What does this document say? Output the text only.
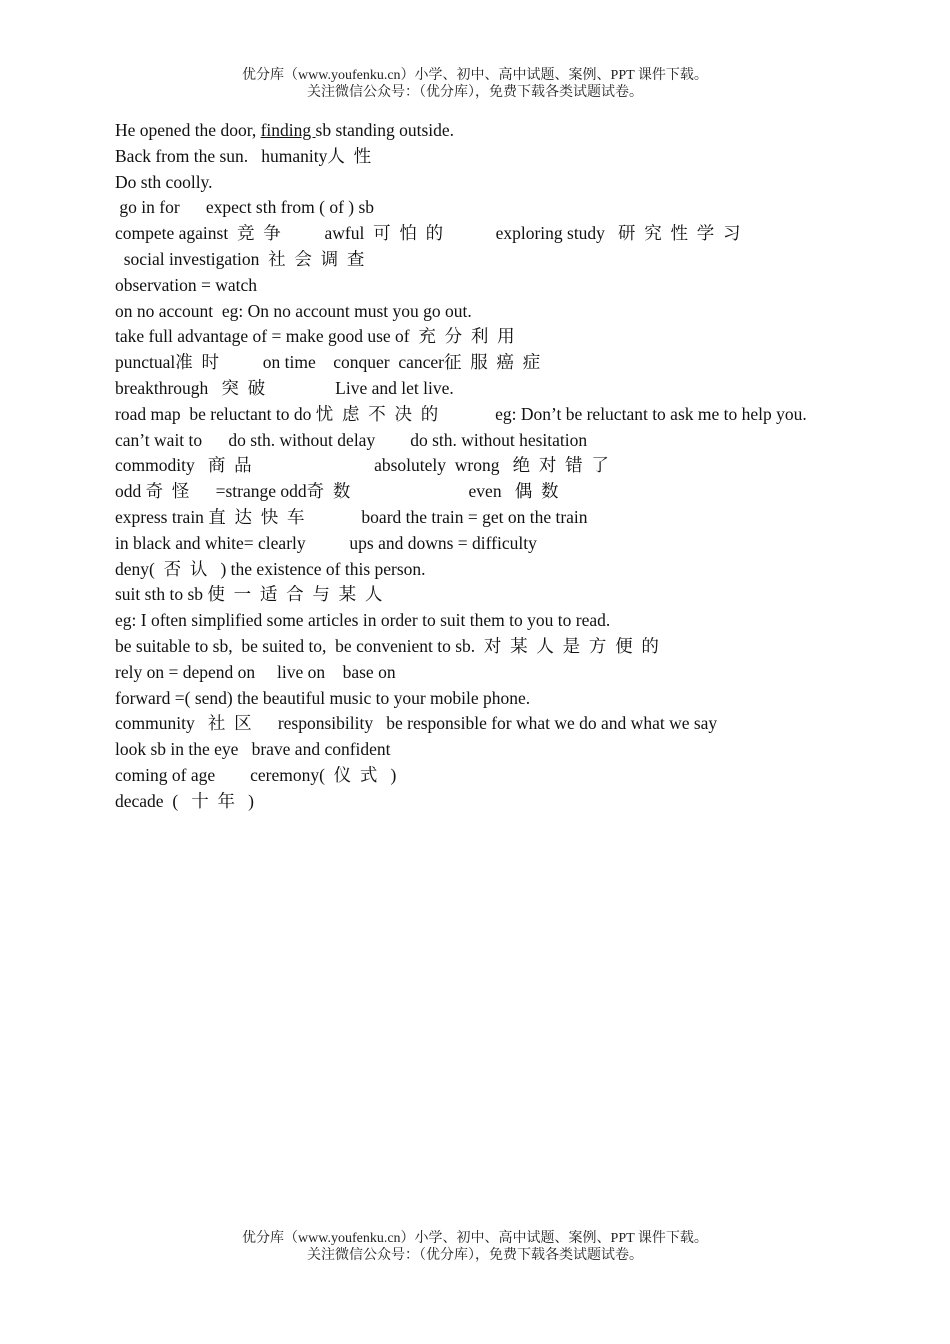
优分库（www.youfenku.cn）小学、初中、高中试题、案例、PPT 课件下载。
关注微信公众号：（优分库），免费下载各类试题试卷。
He opened the door, finding sb standing outside.
Back from the sun.   humanity人  性
Do sth coolly.
go in for      expect sth from ( of ) sb
compete against  竞  争          awful  可  怕  的            exploring study   研  究  性  学  习
social investigation  社  会  调  查
observation = watch
on no account  eg: On no account must you go out.
take full advantage of = make good use of  充  分  利  用
punctual准  时          on time    conquer  cancer征  服  癌  症
breakthrough   突  破                Live and let live.
road map  be reluctant to do 忧  虑  不  决  的             eg: Don’t be reluctant to ask me to help you.
can’t wait to      do sth. without delay        do sth. without hesitation
commodity   商  品                            absolutely  wrong   绝  对  错  了
odd 奇  怪      =strange odd奇  数                           even   偶  数
express train 直  达  快  车             board the train = get on the train
in black and white= clearly          ups and downs = difficulty
deny(  否  认   ) the existence of this person.
suit sth to sb 使  一  适  合  与  某  人
eg: I often simplified some articles in order to suit them to you to read.
be suitable to sb,  be suited to,  be convenient to sb.  对  某  人  是  方  便  的
rely on = depend on     live on    base on
forward =( send) the beautiful music to your mobile phone.
community   社  区      responsibility   be responsible for what we do and what we say
look sb in the eye   brave and confident
coming of age        ceremony(  仪  式   )
decade  (   十  年   )
优分库（www.youfenku.cn）小学、初中、高中试题、案例、PPT 课件下载。
关注微信公众号：（优分库），免费下载各类试题试卷。
